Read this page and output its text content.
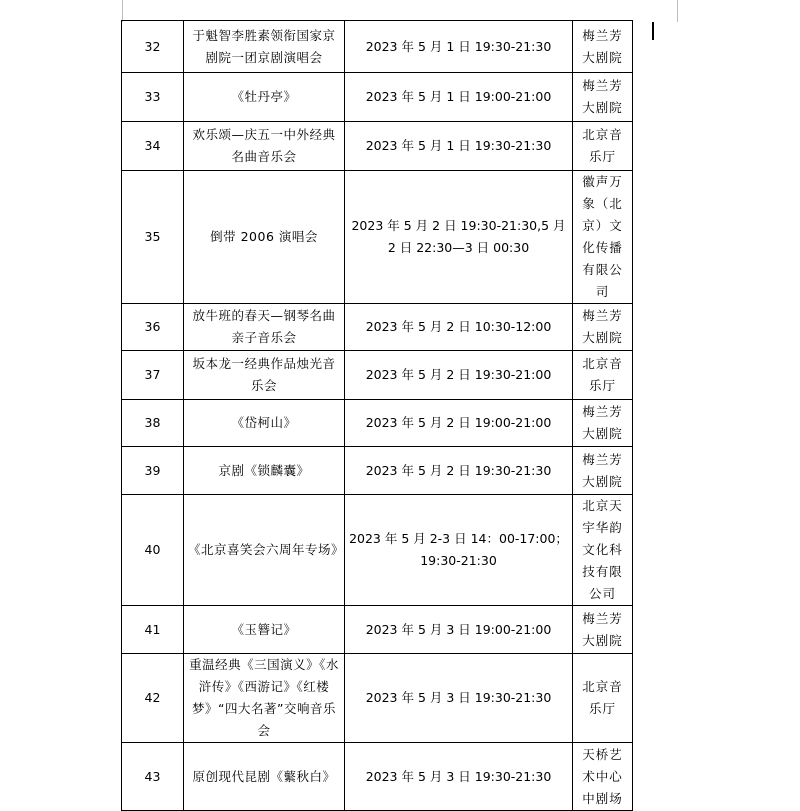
32	于魁智李胜素领衔国家京剧院一团京剧演唱会	2023 年 5 月 1 日 19:30-21:30	梅兰芳大剧院
33	《牡丹亭》	2023 年 5 月 1 日 19:00-21:00	梅兰芳大剧院
34	欢乐颂—庆五一中外经典名曲音乐会	2023 年 5 月 1 日 19:30-21:30	北京音乐厅
35	倒带 2006 演唱会	2023 年 5 月 2 日 19:30-21:30,5 月 2 日 22:30—3 日 00:30	徽声万象（北京）文化传播有限公司
36	放牛班的春天—钢琴名曲亲子音乐会	2023 年 5 月 2 日 10:30-12:00	梅兰芳大剧院
37	坂本龙一经典作品烛光音乐会	2023 年 5 月 2 日 19:30-21:00	北京音乐厅
38	《岱柯山》	2023 年 5 月 2 日 19:00-21:00	梅兰芳大剧院
39	京剧《锁麟囊》	2023 年 5 月 2 日 19:30-21:30	梅兰芳大剧院
40	《北京喜笑会六周年专场》	2023 年 5 月 2-3 日 14：00-17:00；19:30-21:30	北京天宇华韵文化科技有限公司
41	《玉簪记》	2023 年 5 月 3 日 19:00-21:00	梅兰芳大剧院
42	重温经典《三国演义》《水浒传》《西游记》《红楼梦》“四大名著”交响音乐会	2023 年 5 月 3 日 19:30-21:30	北京音乐厅
43	原创现代昆剧《蘩秋白》	2023 年 5 月 3 日 19:30-21:30	天桥艺术中心中剧场
